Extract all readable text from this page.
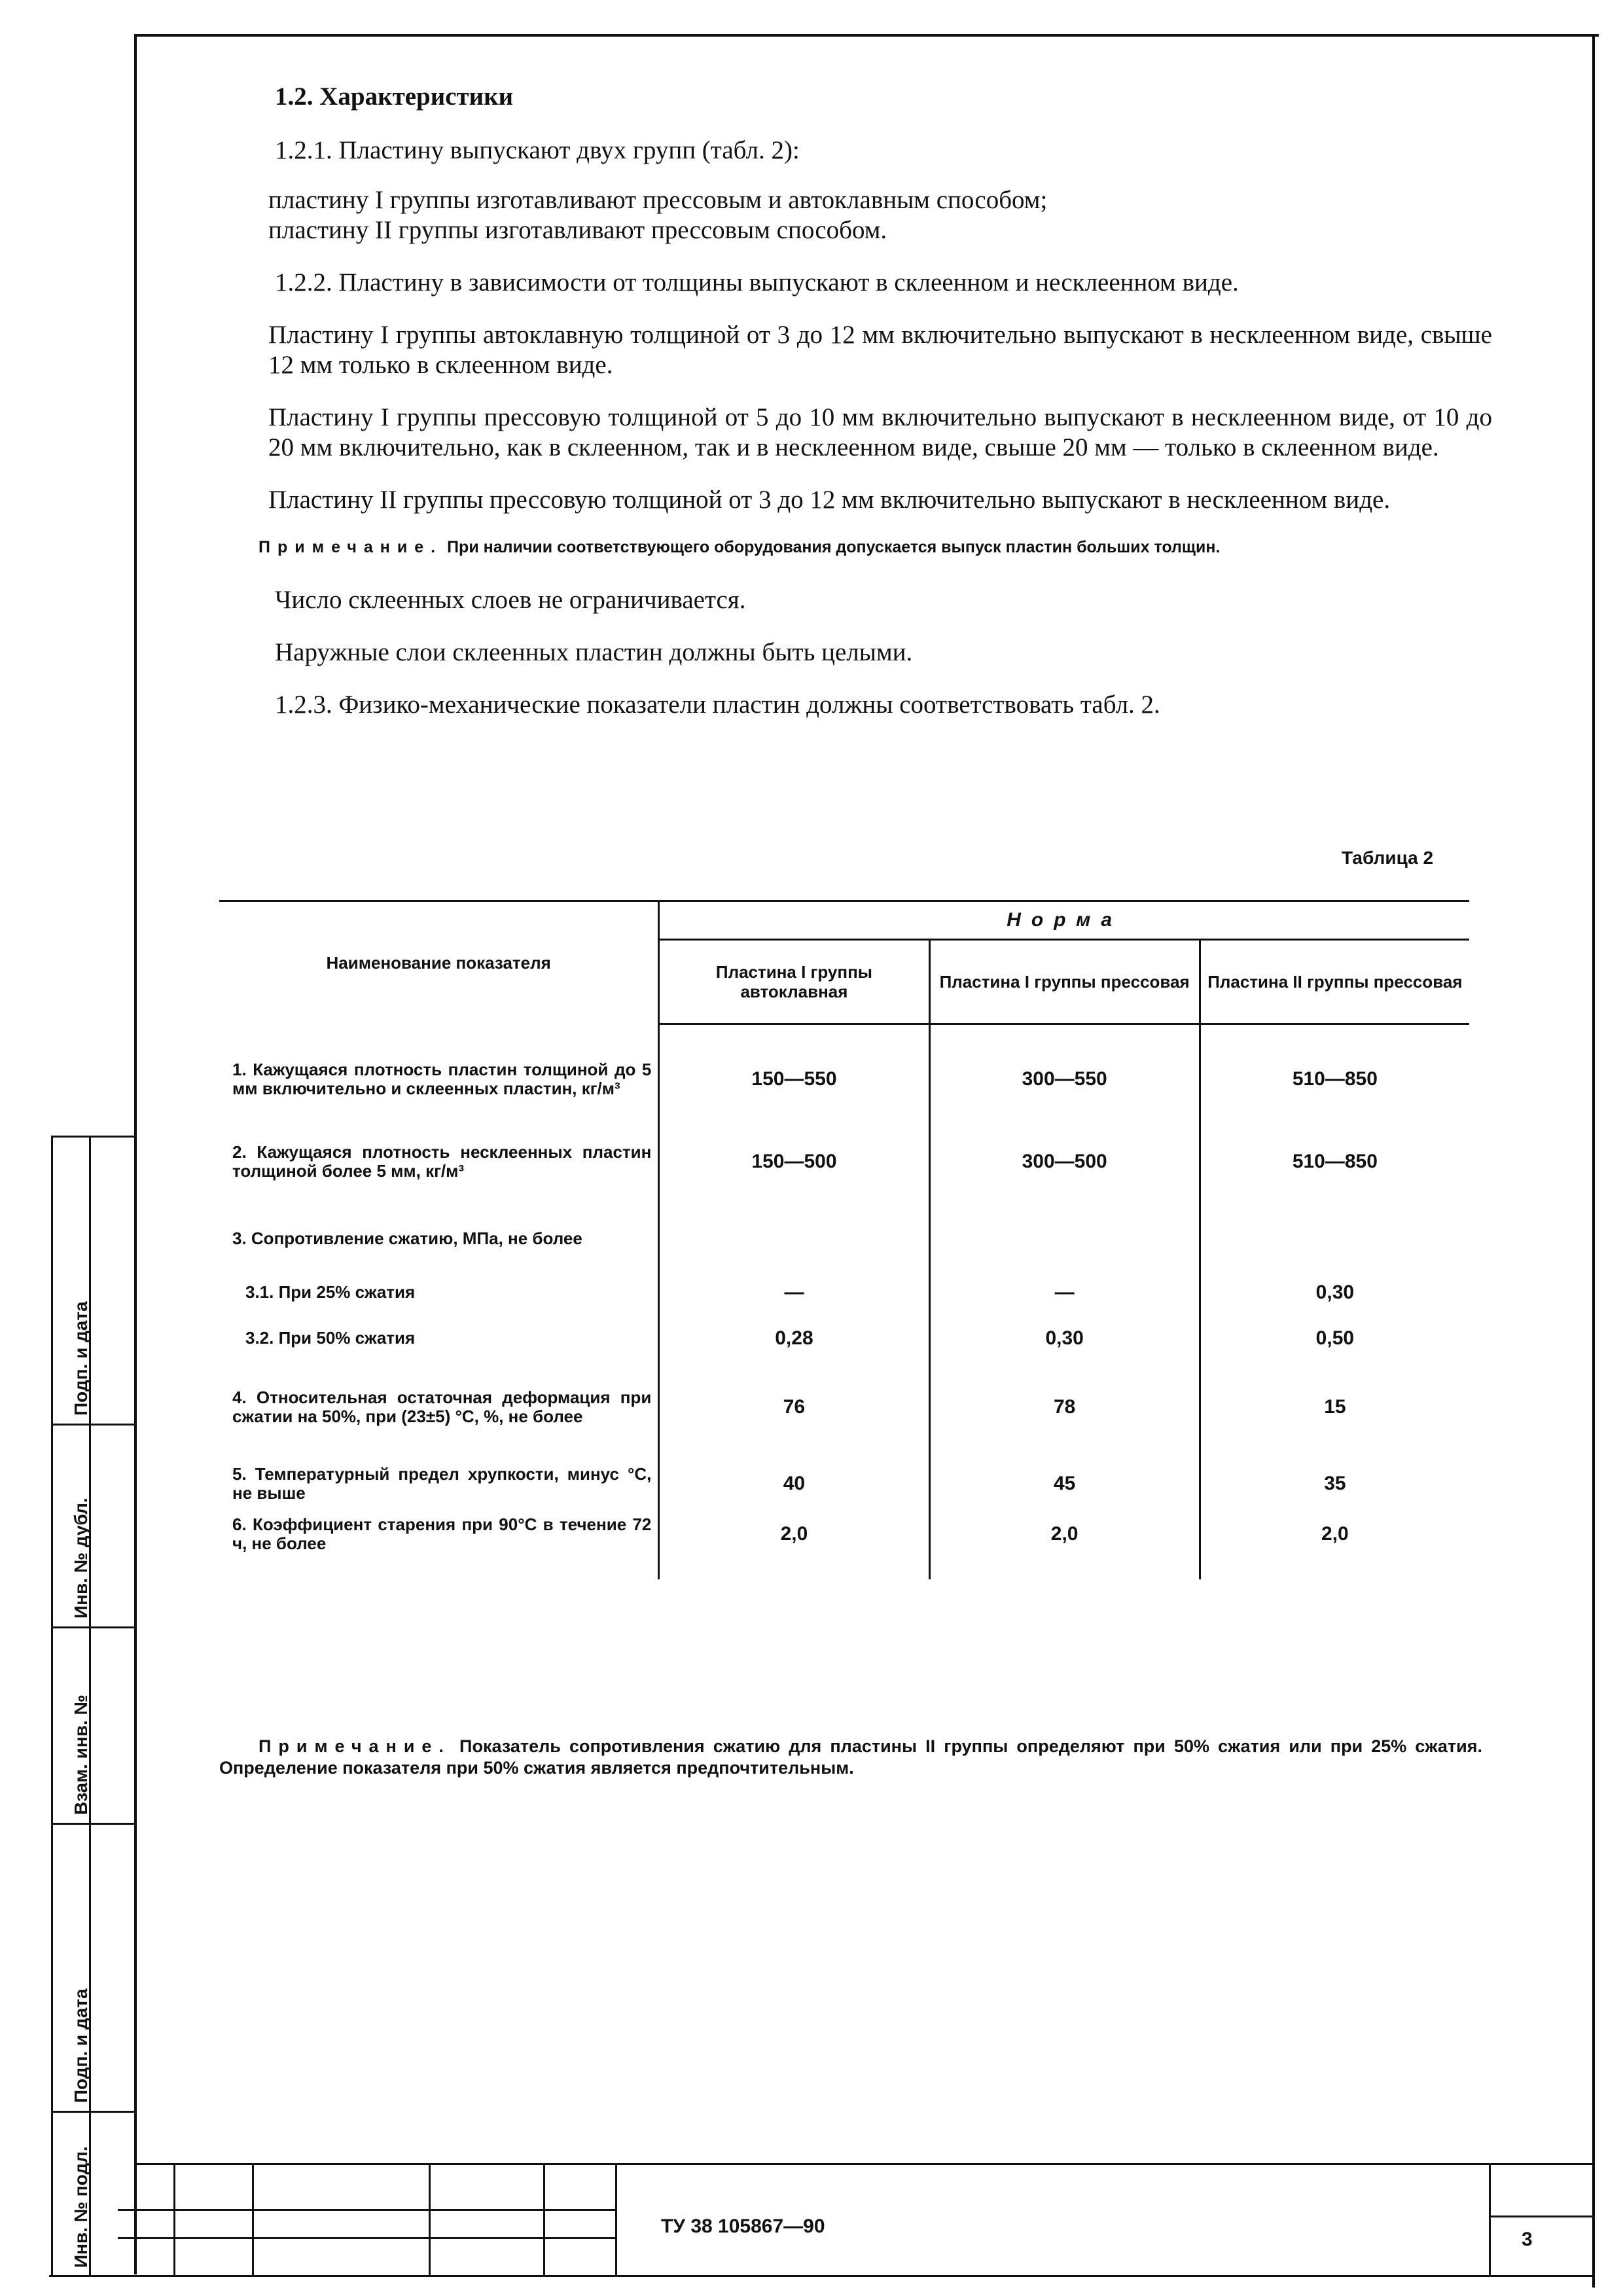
Подп. и дата
Инв. № дубл.
Взам. инв. №
Подп. и дата
Инв. № подл.

1.2. Характеристики

1.2.1. Пластину выпускают двух групп (табл. 2):

пластину I группы изготавливают прессовым и автоклавным способом;

пластину II группы изготавливают прессовым способом.

1.2.2. Пластину в зависимости от толщины выпускают в склеенном и несклеенном виде.

Пластину I группы автоклавную толщиной от 3 до 12 мм включительно выпускают в несклеенном виде, свыше 12 мм только в склеенном виде.

Пластину I группы прессовую толщиной от 5 до 10 мм включительно выпускают в несклеенном виде, от 10 до 20 мм включительно, как в склеенном, так и в несклеенном виде, свыше 20 мм — только в склеенном виде.

Пластину II группы прессовую толщиной от 3 до 12 мм включительно выпускают в несклеенном виде.

Примечание. При наличии соответствующего оборудования допускается выпуск пластин больших толщин.

Число склеенных слоев не ограничивается.

Наружные слои склеенных пластин должны быть целыми.

1.2.3. Физико-механические показатели пластин должны соответствовать табл. 2.

Таблица 2
Наименование показателя	Норма		
	Пластина I группы автоклавная	Пластина I группы прессовая	Пластина II группы прессовая
1. Кажущаяся плотность пластин толщиной до 5 мм включительно и склеенных пластин, кг/м³	150—550	300—550	510—850
2. Кажущаяся плотность несклеенных пластин толщиной более 5 мм, кг/м³	150—500	300—500	510—850
3. Сопротивление сжатию, МПа, не более			
3.1. При 25% сжатия	—	—	0,30
3.2. При 50% сжатия	0,28	0,30	0,50
4. Относительная остаточная деформация при сжатии на 50%, при (23±5) °С, %, не более	76	78	15
5. Температурный предел хрупкости, минус °С, не выше	40	45	35
6. Коэффициент старения при 90°С в течение 72 ч, не более	2,0	2,0	2,0

Примечание. Показатель сопротивления сжатию для пластины II группы определяют при 50% сжатия или при 25% сжатия. Определение показателя при 50% сжатия является предпочтительным.

ТУ 38 105867—90
3
